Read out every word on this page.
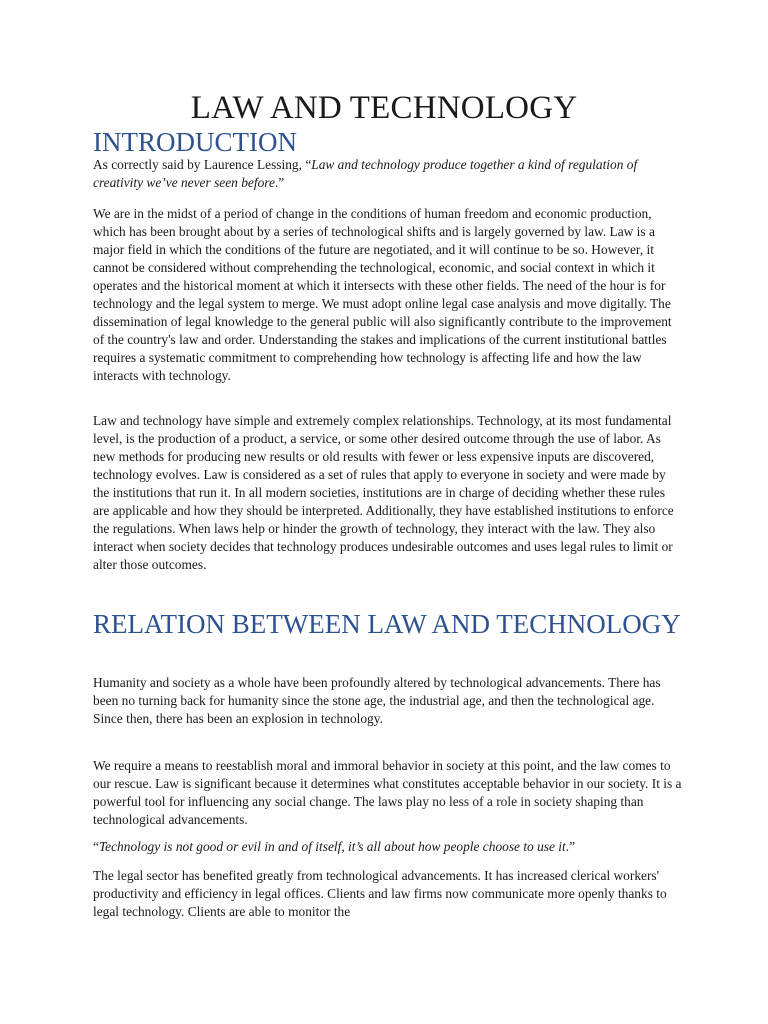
LAW AND TECHNOLOGY
INTRODUCTION

As correctly said by Laurence Lessing, “Law and technology produce together a kind of regulation of creativity we’ve never seen before.”

We are in the midst of a period of change in the conditions of human freedom and economic production, which has been brought about by a series of technological shifts and is largely governed by law. Law is a major field in which the conditions of the future are negotiated, and it will continue to be so. However, it cannot be considered without comprehending the technological, economic, and social context in which it operates and the historical moment at which it intersects with these other fields. The need of the hour is for technology and the legal system to merge. We must adopt online legal case analysis and move digitally. The dissemination of legal knowledge to the general public will also significantly contribute to the improvement of the country's law and order. Understanding the stakes and implications of the current institutional battles requires a systematic commitment to comprehending how technology is affecting life and how the law interacts with technology.

Law and technology have simple and extremely complex relationships. Technology, at its most fundamental level, is the production of a product, a service, or some other desired outcome through the use of labor. As new methods for producing new results or old results with fewer or less expensive inputs are discovered, technology evolves. Law is considered as a set of rules that apply to everyone in society and were made by the institutions that run it. In all modern societies, institutions are in charge of deciding whether these rules are applicable and how they should be interpreted. Additionally, they have established institutions to enforce the regulations. When laws help or hinder the growth of technology, they interact with the law. They also interact when society decides that technology produces undesirable outcomes and uses legal rules to limit or alter those outcomes.

RELATION BETWEEN LAW AND TECHNOLOGY

Humanity and society as a whole have been profoundly altered by technological advancements. There has been no turning back for humanity since the stone age, the industrial age, and then the technological age. Since then, there has been an explosion in technology.

We require a means to reestablish moral and immoral behavior in society at this point, and the law comes to our rescue. Law is significant because it determines what constitutes acceptable behavior in our society. It is a powerful tool for influencing any social change. The laws play no less of a role in society shaping than technological advancements.

“Technology is not good or evil in and of itself, it’s all about how people choose to use it.”

The legal sector has benefited greatly from technological advancements. It has increased clerical workers' productivity and efficiency in legal offices. Clients and law firms now communicate more openly thanks to legal technology. Clients are able to monitor the
